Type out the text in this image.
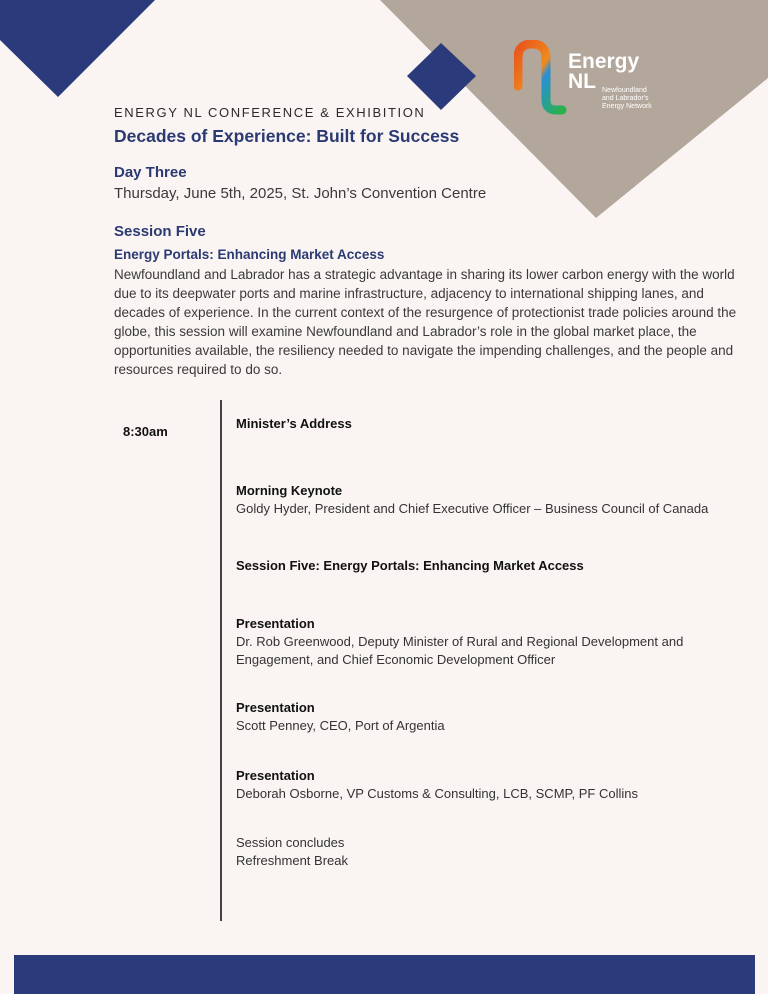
Energy
NL Newfoundland
and Labrador's
Energy Network
ENERGY NL CONFERENCE & EXHIBITION
Decades of Experience: Built for Success
Day Three
Thursday, June 5th, 2025, St. John’s Convention Centre
Session Five
Energy Portals: Enhancing Market Access
Newfoundland and Labrador has a strategic advantage in sharing its lower carbon energy with the world due to its deepwater ports and marine infrastructure, adjacency to international shipping lanes, and decades of experience. In the current context of the resurgence of protectionist trade policies around the globe, this session will examine Newfoundland and Labrador’s role in the global market place, the opportunities available, the resiliency needed to navigate the impending challenges, and the people and resources required to do so.
8:30am
Minister’s Address
Morning Keynote
Goldy Hyder, President and Chief Executive Officer – Business Council of Canada
Session Five: Energy Portals: Enhancing Market Access
Presentation
Dr. Rob Greenwood, Deputy Minister of Rural and Regional Development and
Engagement, and Chief Economic Development Officer
Presentation
Scott Penney, CEO, Port of Argentia
Presentation
Deborah Osborne, VP Customs & Consulting, LCB, SCMP, PF Collins
Session concludes
Refreshment Break
